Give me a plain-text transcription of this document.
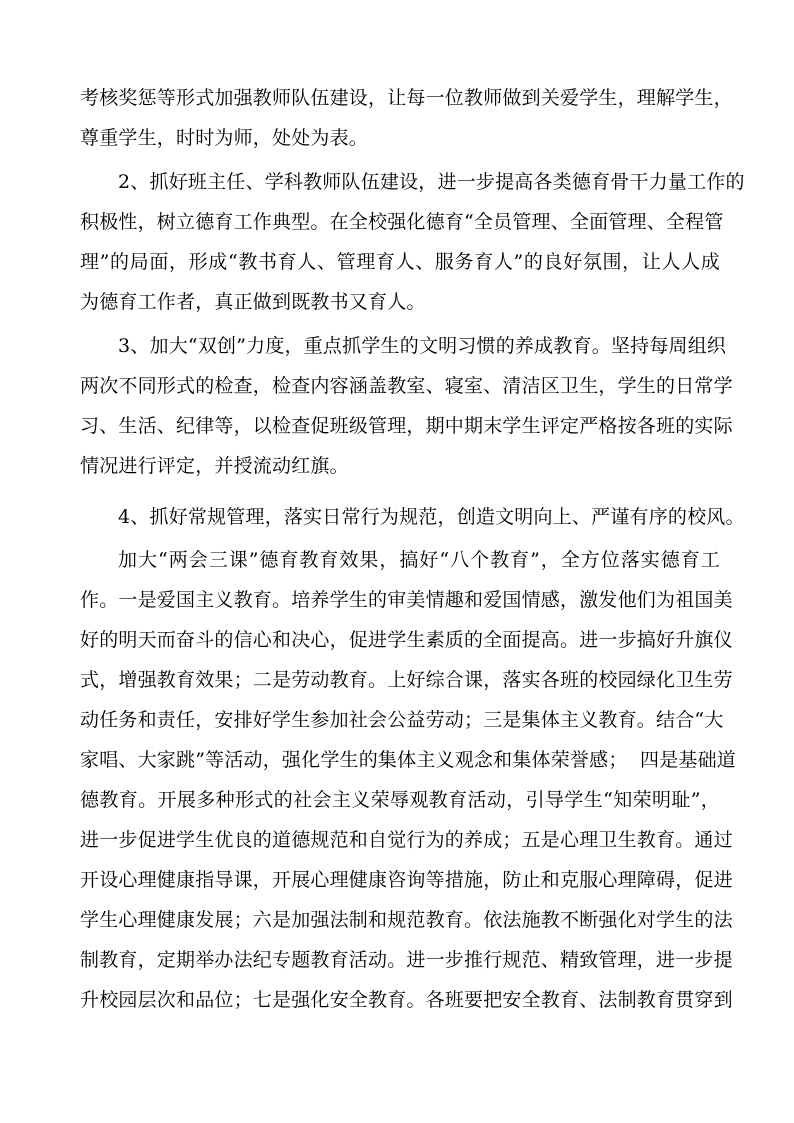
考核奖惩等形式加强教师队伍建设，让每一位教师做到关爱学生，理解学生，
尊重学生，时时为师，处处为表。
2、抓好班主任、学科教师队伍建设，进一步提高各类德育骨干力量工作的
积极性，树立德育工作典型。在全校强化德育“全员管理、全面管理、全程管
理”的局面，形成“教书育人、管理育人、服务育人”的良好氛围，让人人成
为德育工作者，真正做到既教书又育人。
3、加大“双创”力度，重点抓学生的文明习惯的养成教育。坚持每周组织
两次不同形式的检查，检查内容涵盖教室、寝室、清洁区卫生，学生的日常学
习、生活、纪律等，以检查促班级管理，期中期末学生评定严格按各班的实际
情况进行评定，并授流动红旗。
4、抓好常规管理，落实日常行为规范，创造文明向上、严谨有序的校风。
加大“两会三课”德育教育效果，搞好“八个教育”，全方位落实德育工
作。一是爱国主义教育。培养学生的审美情趣和爱国情感，激发他们为祖国美
好的明天而奋斗的信心和决心，促进学生素质的全面提高。进一步搞好升旗仪
式，增强教育效果；二是劳动教育。上好综合课，落实各班的校园绿化卫生劳
动任务和责任，安排好学生参加社会公益劳动；三是集体主义教育。结合“大
家唱、大家跳”等活动，强化学生的集体主义观念和集体荣誉感；  四是基础道
德教育。开展多种形式的社会主义荣辱观教育活动，引导学生“知荣明耻”，
进一步促进学生优良的道德规范和自觉行为的养成；五是心理卫生教育。通过
开设心理健康指导课，开展心理健康咨询等措施，防止和克服心理障碍，促进
学生心理健康发展；六是加强法制和规范教育。依法施教不断强化对学生的法
制教育，定期举办法纪专题教育活动。进一步推行规范、精致管理，进一步提
升校园层次和品位；七是强化安全教育。各班要把安全教育、法制教育贯穿到
